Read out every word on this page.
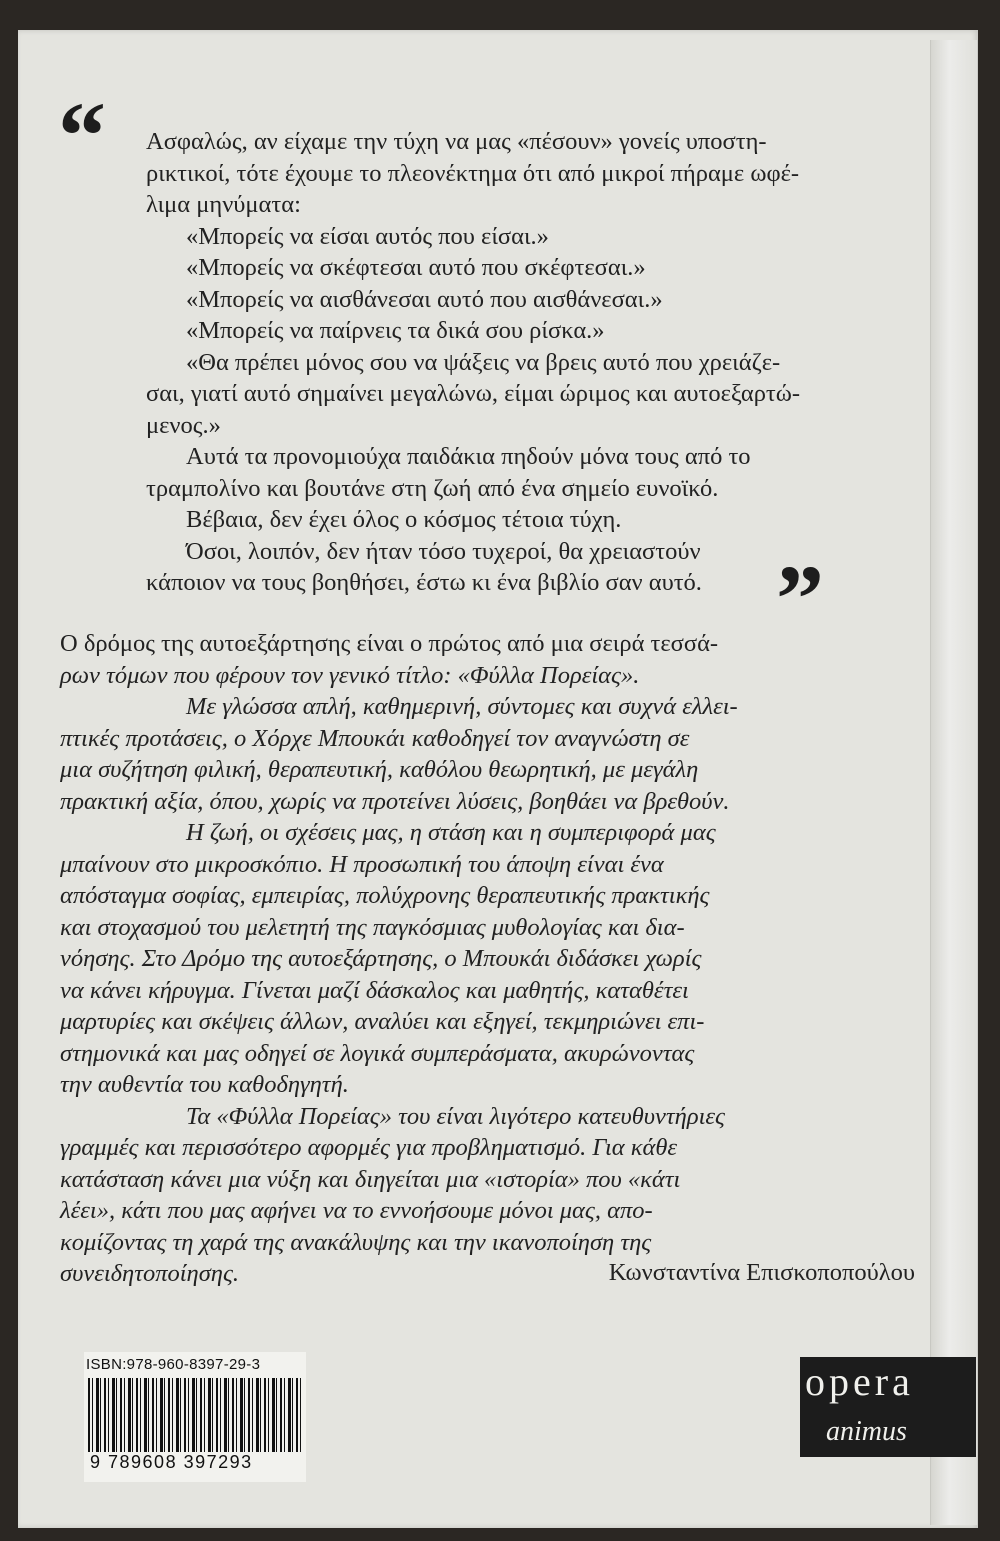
“	Ασφαλώς, αν είχαμε την τύχη να μας «πέσουν» γονείς υποστη-
ρικτικοί, τότε έχουμε το πλεονέκτημα ότι από μικροί πήραμε ωφέ-
λιμα μηνύματα:
«Μπορείς να είσαι αυτός που είσαι.»
«Μπορείς να σκέφτεσαι αυτό που σκέφτεσαι.»
«Μπορείς να αισθάνεσαι αυτό που αισθάνεσαι.»
«Μπορείς να παίρνεις τα δικά σου ρίσκα.»
«Θα πρέπει μόνος σου να ψάξεις να βρεις αυτό που χρειάζε-
σαι, γιατί αυτό σημαίνει μεγαλώνω, είμαι ώριμος και αυτοεξαρτώ-
μενος.»
Αυτά τα προνομιούχα παιδάκια πηδούν μόνα τους από το
τραμπολίνο και βουτάνε στη ζωή από ένα σημείο ευνοϊκό.
Βέβαια, δεν έχει όλος ο κόσμος τέτοια τύχη.
Όσοι, λοιπόν, δεν ήταν τόσο τυχεροί, θα χρειαστούν
κάποιον να τους βοηθήσει, έστω κι ένα βιβλίο σαν αυτό. ”
Ο δρόμος της αυτοεξάρτησης είναι ο πρώτος από μια σειρά τεσσά-
ρων τόμων που φέρουν τον γενικό τίτλο: «Φύλλα Πορείας».
Με γλώσσα απλή, καθημερινή, σύντομες και συχνά ελλει-
πτικές προτάσεις, ο Χόρχε Μπουκάι καθοδηγεί τον αναγνώστη σε
μια συζήτηση φιλική, θεραπευτική, καθόλου θεωρητική, με μεγάλη
πρακτική αξία, όπου, χωρίς να προτείνει λύσεις, βοηθάει να βρεθούν.
Η ζωή, οι σχέσεις μας, η στάση και η συμπεριφορά μας
μπαίνουν στο μικροσκόπιο. Η προσωπική του άποψη είναι ένα
απόσταγμα σοφίας, εμπειρίας, πολύχρονης θεραπευτικής πρακτικής
και στοχασμού του μελετητή της παγκόσμιας μυθολογίας και δια-
νόησης. Στο Δρόμο της αυτοεξάρτησης, ο Μπουκάι διδάσκει χωρίς
να κάνει κήρυγμα. Γίνεται μαζί δάσκαλος και μαθητής, καταθέτει
μαρτυρίες και σκέψεις άλλων, αναλύει και εξηγεί, τεκμηριώνει επι-
στημονικά και μας οδηγεί σε λογικά συμπεράσματα, ακυρώνοντας
την αυθεντία του καθοδηγητή.
Τα «Φύλλα Πορείας» του είναι λιγότερο κατευθυντήριες
γραμμές και περισσότερο αφορμές για προβληματισμό. Για κάθε
κατάσταση κάνει μια νύξη και διηγείται μια «ιστορία» που «κάτι
λέει», κάτι που μας αφήνει να το εννοήσουμε μόνοι μας, απο-
κομίζοντας τη χαρά της ανακάλυψης και την ικανοποίηση της
συνειδητοποίησης.	Κωνσταντίνα Επισκοποπούλου
ISBN:978-960-8397-29-3
9 789608 397293
opera
animus
